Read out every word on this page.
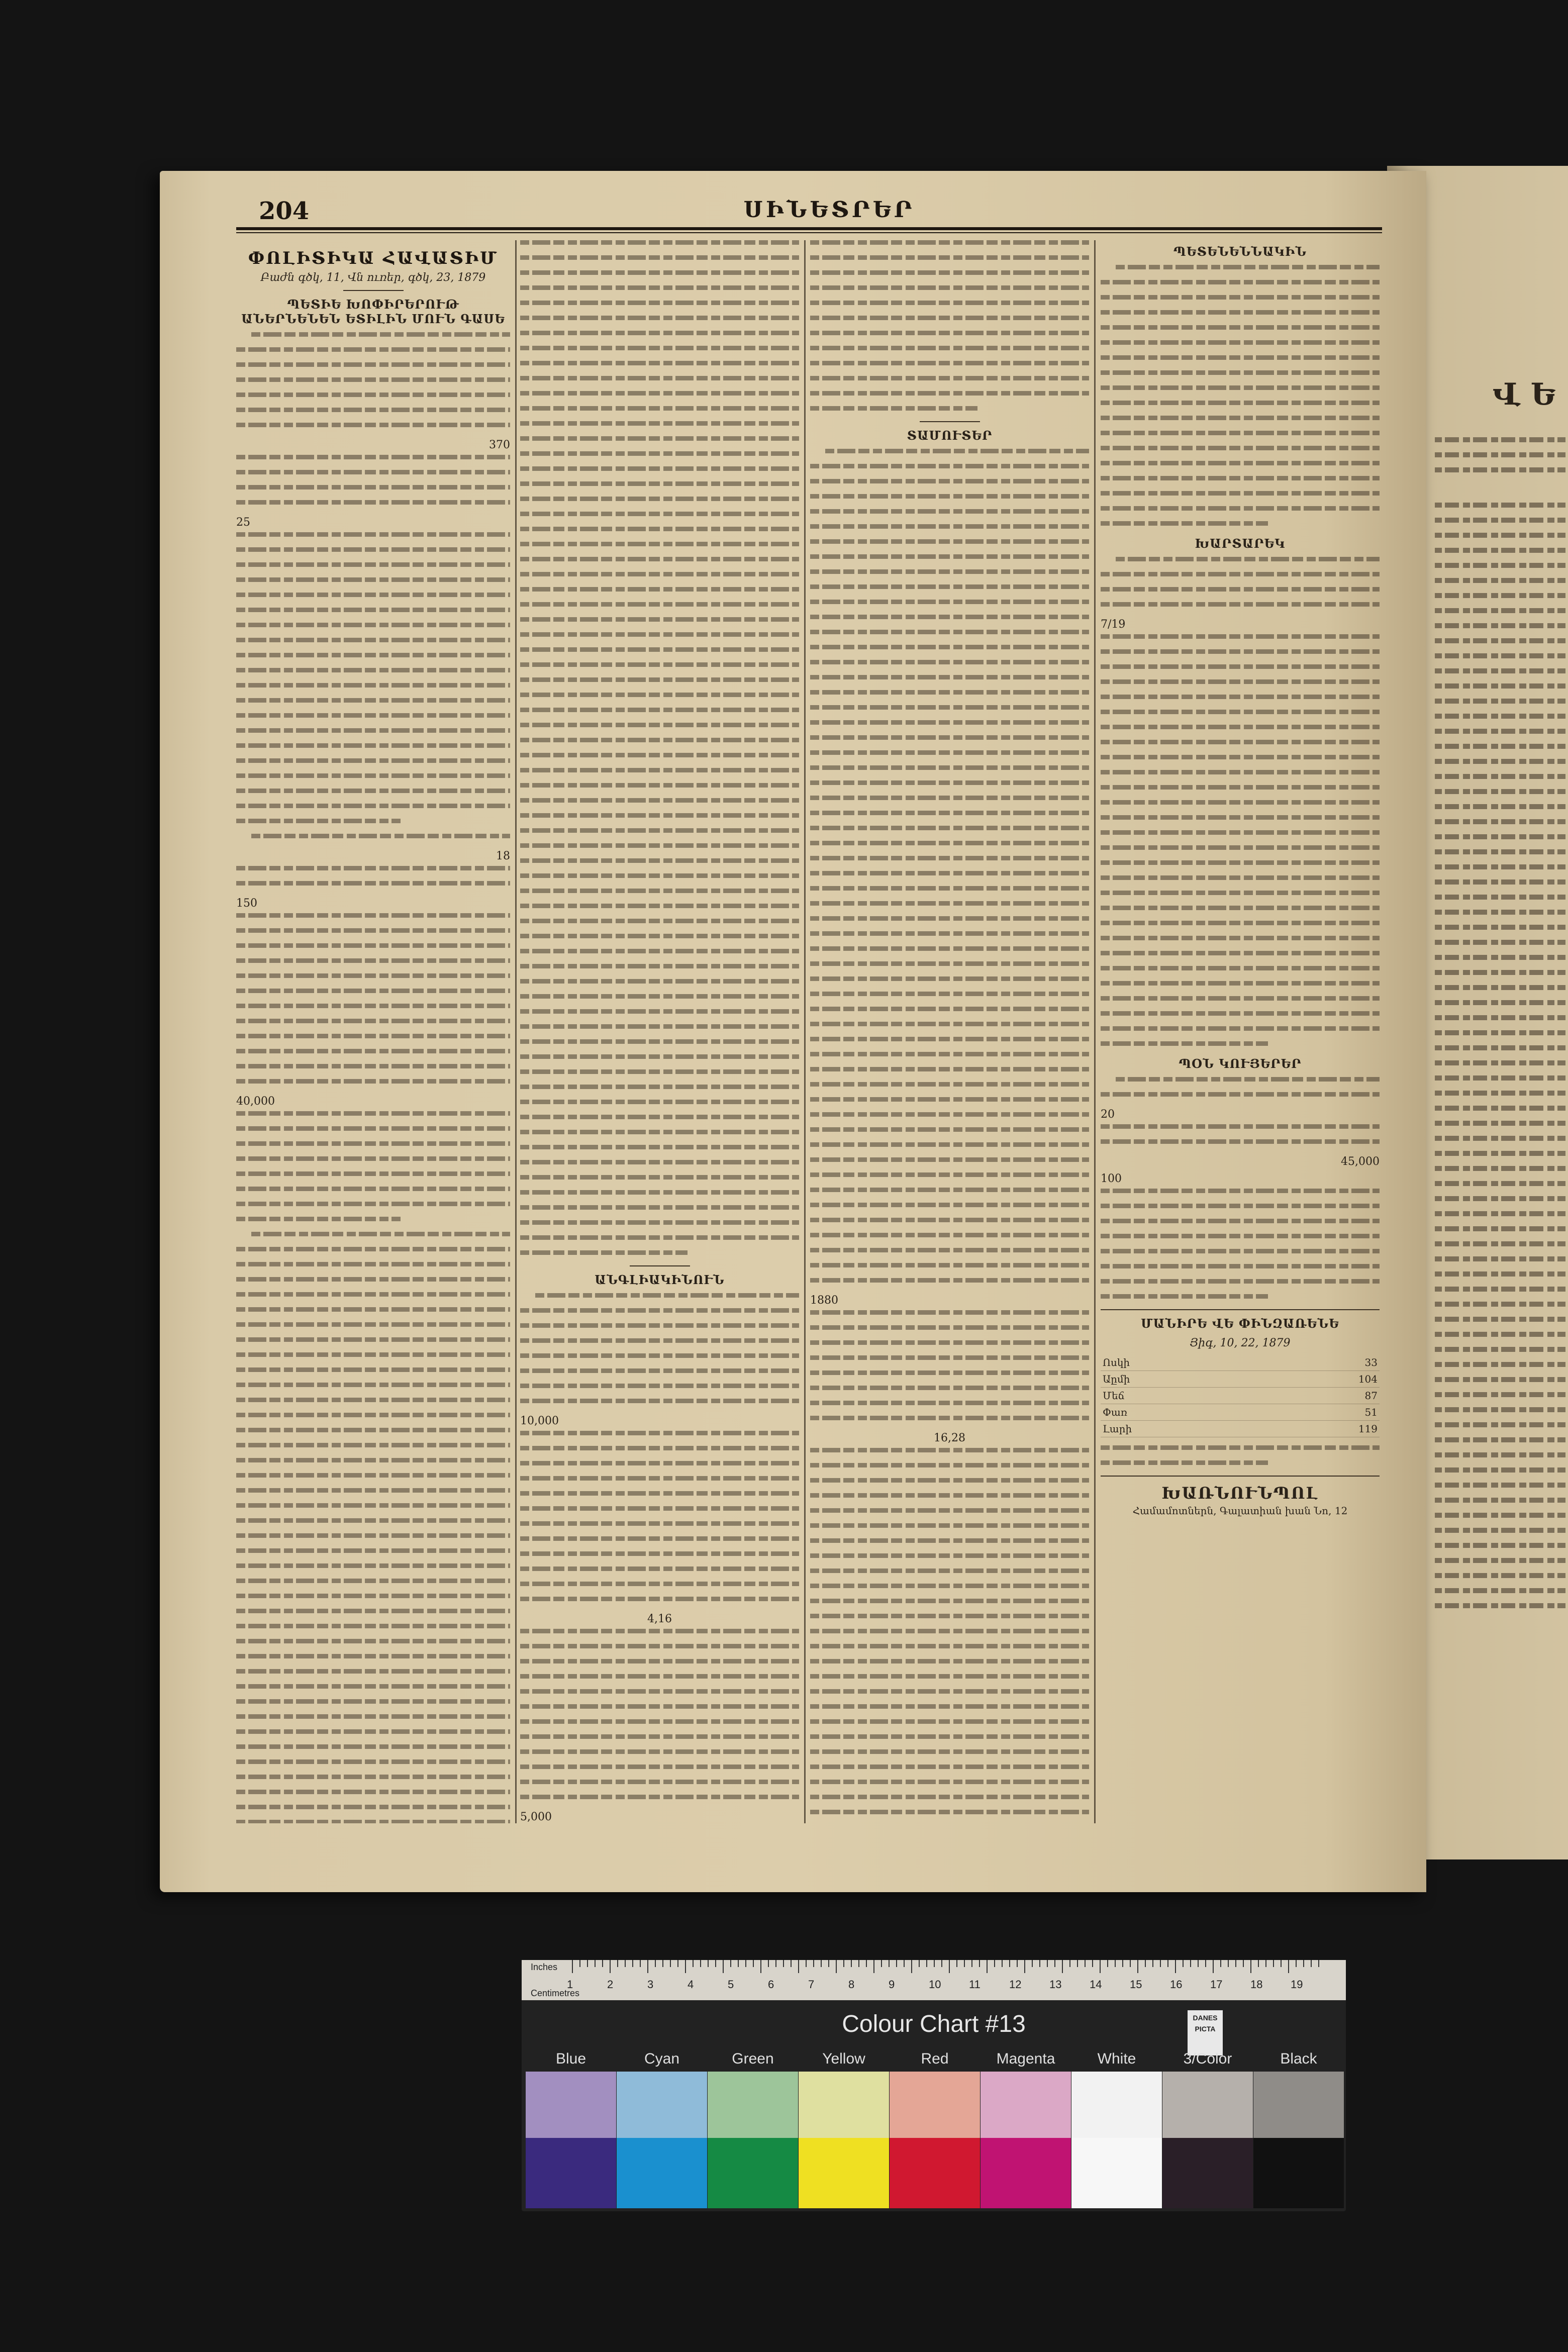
Վ Ե
204	ՍԻՆԵՏՐԵՐ
ՓՈԼԻՏԻԿԱ ՀԱՎԱՏԻՄ
Բաժն գծկ, 11, Վն ուռեր, գծկ, 23, 1879
ՊԵՏԻԵ ԽՈՓԻՐԵՐՈՒԹ ԱՆԵՐՆԵՆԵՆ ԵՏԻԼԻՆ ՄՈՒՆ ԳԱՍԵ
370
25
18
150
40,000
ԱՆԳԼԻԱԿԻՆՈՒՆ
10,000
4,16
5,000
ՏԱՄՈՒՏԵՐ
1880
16,28
ՊԵՏԵՆԵՆՆԱԿԻՆ
ԽԱՐՏԱՐԵԿ
7/19
ՊՕՆ ԿՈՒՅԵՐԵՐ
20
45,000
100
ՄԱՆԻՐԵ ՎԵ ՓԻՆԶԱՌԵՆԵ
Յիգ, 10, 22, 1879
Ոսկի	33
Աըմի	104
Մեճ	87
Փառ	51
Լարի	119
ԽԱՌՆՈՒՆՊՈԼ
Համամոտներն, Գալատիան խան Նո, 12
Inches
Centimetres
1	2	3	4	5	6	7	8	9	10	11	12	13	14	15	16	17	18	19
Colour Chart #13	DANES PICTA
Blue	Cyan	Green	Yellow	Red	Magenta	White	3/Color	Black
